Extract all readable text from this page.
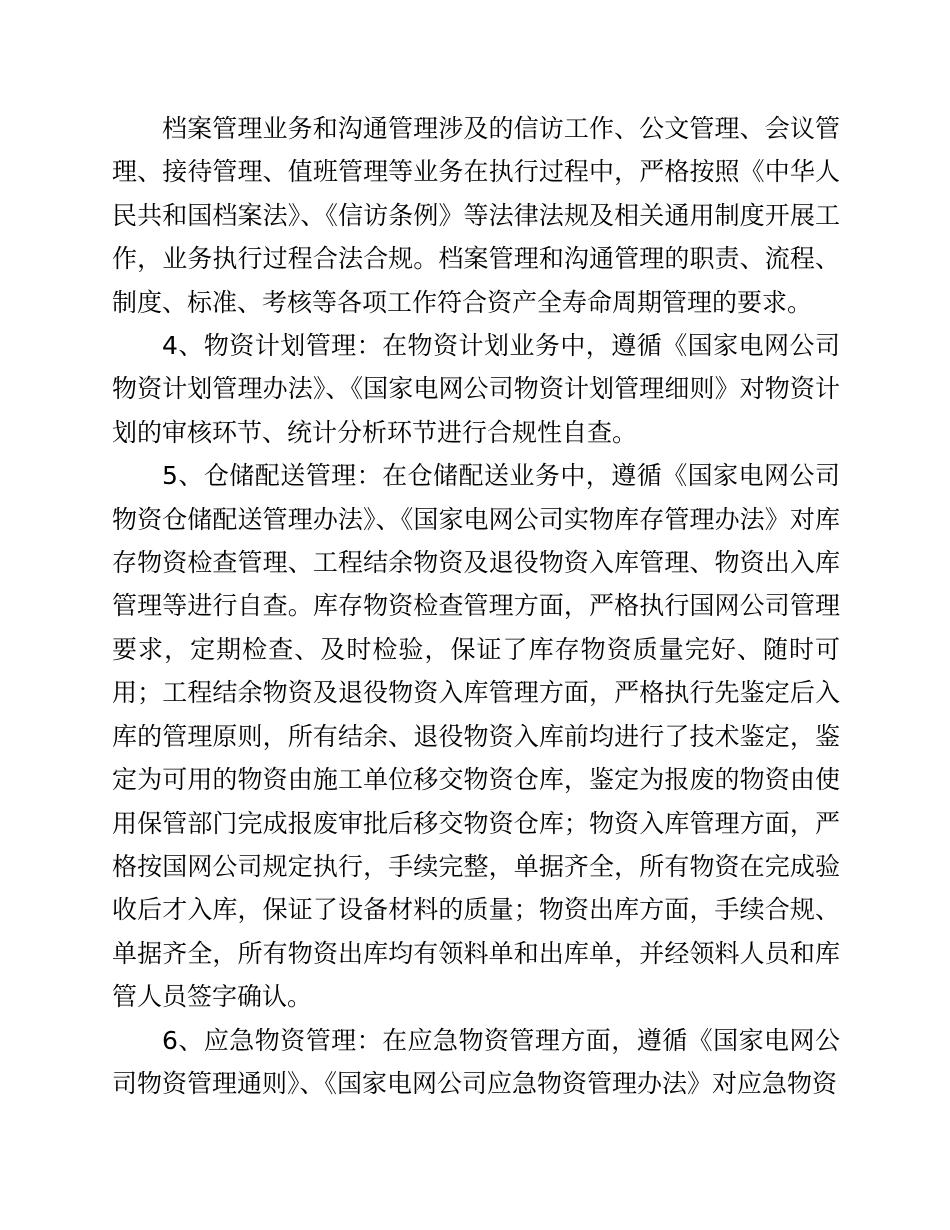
档案管理业务和沟通管理涉及的信访工作、公文管理、会议管理、接待管理、值班管理等业务在执行过程中，严格按照《中华人民共和国档案法》、《信访条例》等法律法规及相关通用制度开展工作，业务执行过程合法合规。档案管理和沟通管理的职责、流程、制度、标准、考核等各项工作符合资产全寿命周期管理的要求。

4、物资计划管理：在物资计划业务中，遵循《国家电网公司物资计划管理办法》、《国家电网公司物资计划管理细则》对物资计划的审核环节、统计分析环节进行合规性自查。

5、仓储配送管理：在仓储配送业务中，遵循《国家电网公司物资仓储配送管理办法》、《国家电网公司实物库存管理办法》对库存物资检查管理、工程结余物资及退役物资入库管理、物资出入库管理等进行自查。库存物资检查管理方面，严格执行国网公司管理要求，定期检查、及时检验，保证了库存物资质量完好、随时可用；工程结余物资及退役物资入库管理方面，严格执行先鉴定后入库的管理原则，所有结余、退役物资入库前均进行了技术鉴定，鉴定为可用的物资由施工单位移交物资仓库，鉴定为报废的物资由使用保管部门完成报废审批后移交物资仓库；物资入库管理方面，严格按国网公司规定执行，手续完整，单据齐全，所有物资在完成验收后才入库，保证了设备材料的质量；物资出库方面，手续合规、单据齐全，所有物资出库均有领料单和出库单，并经领料人员和库管人员签字确认。

6、应急物资管理：在应急物资管理方面，遵循《国家电网公司物资管理通则》、《国家电网公司应急物资管理办法》对应急物资
